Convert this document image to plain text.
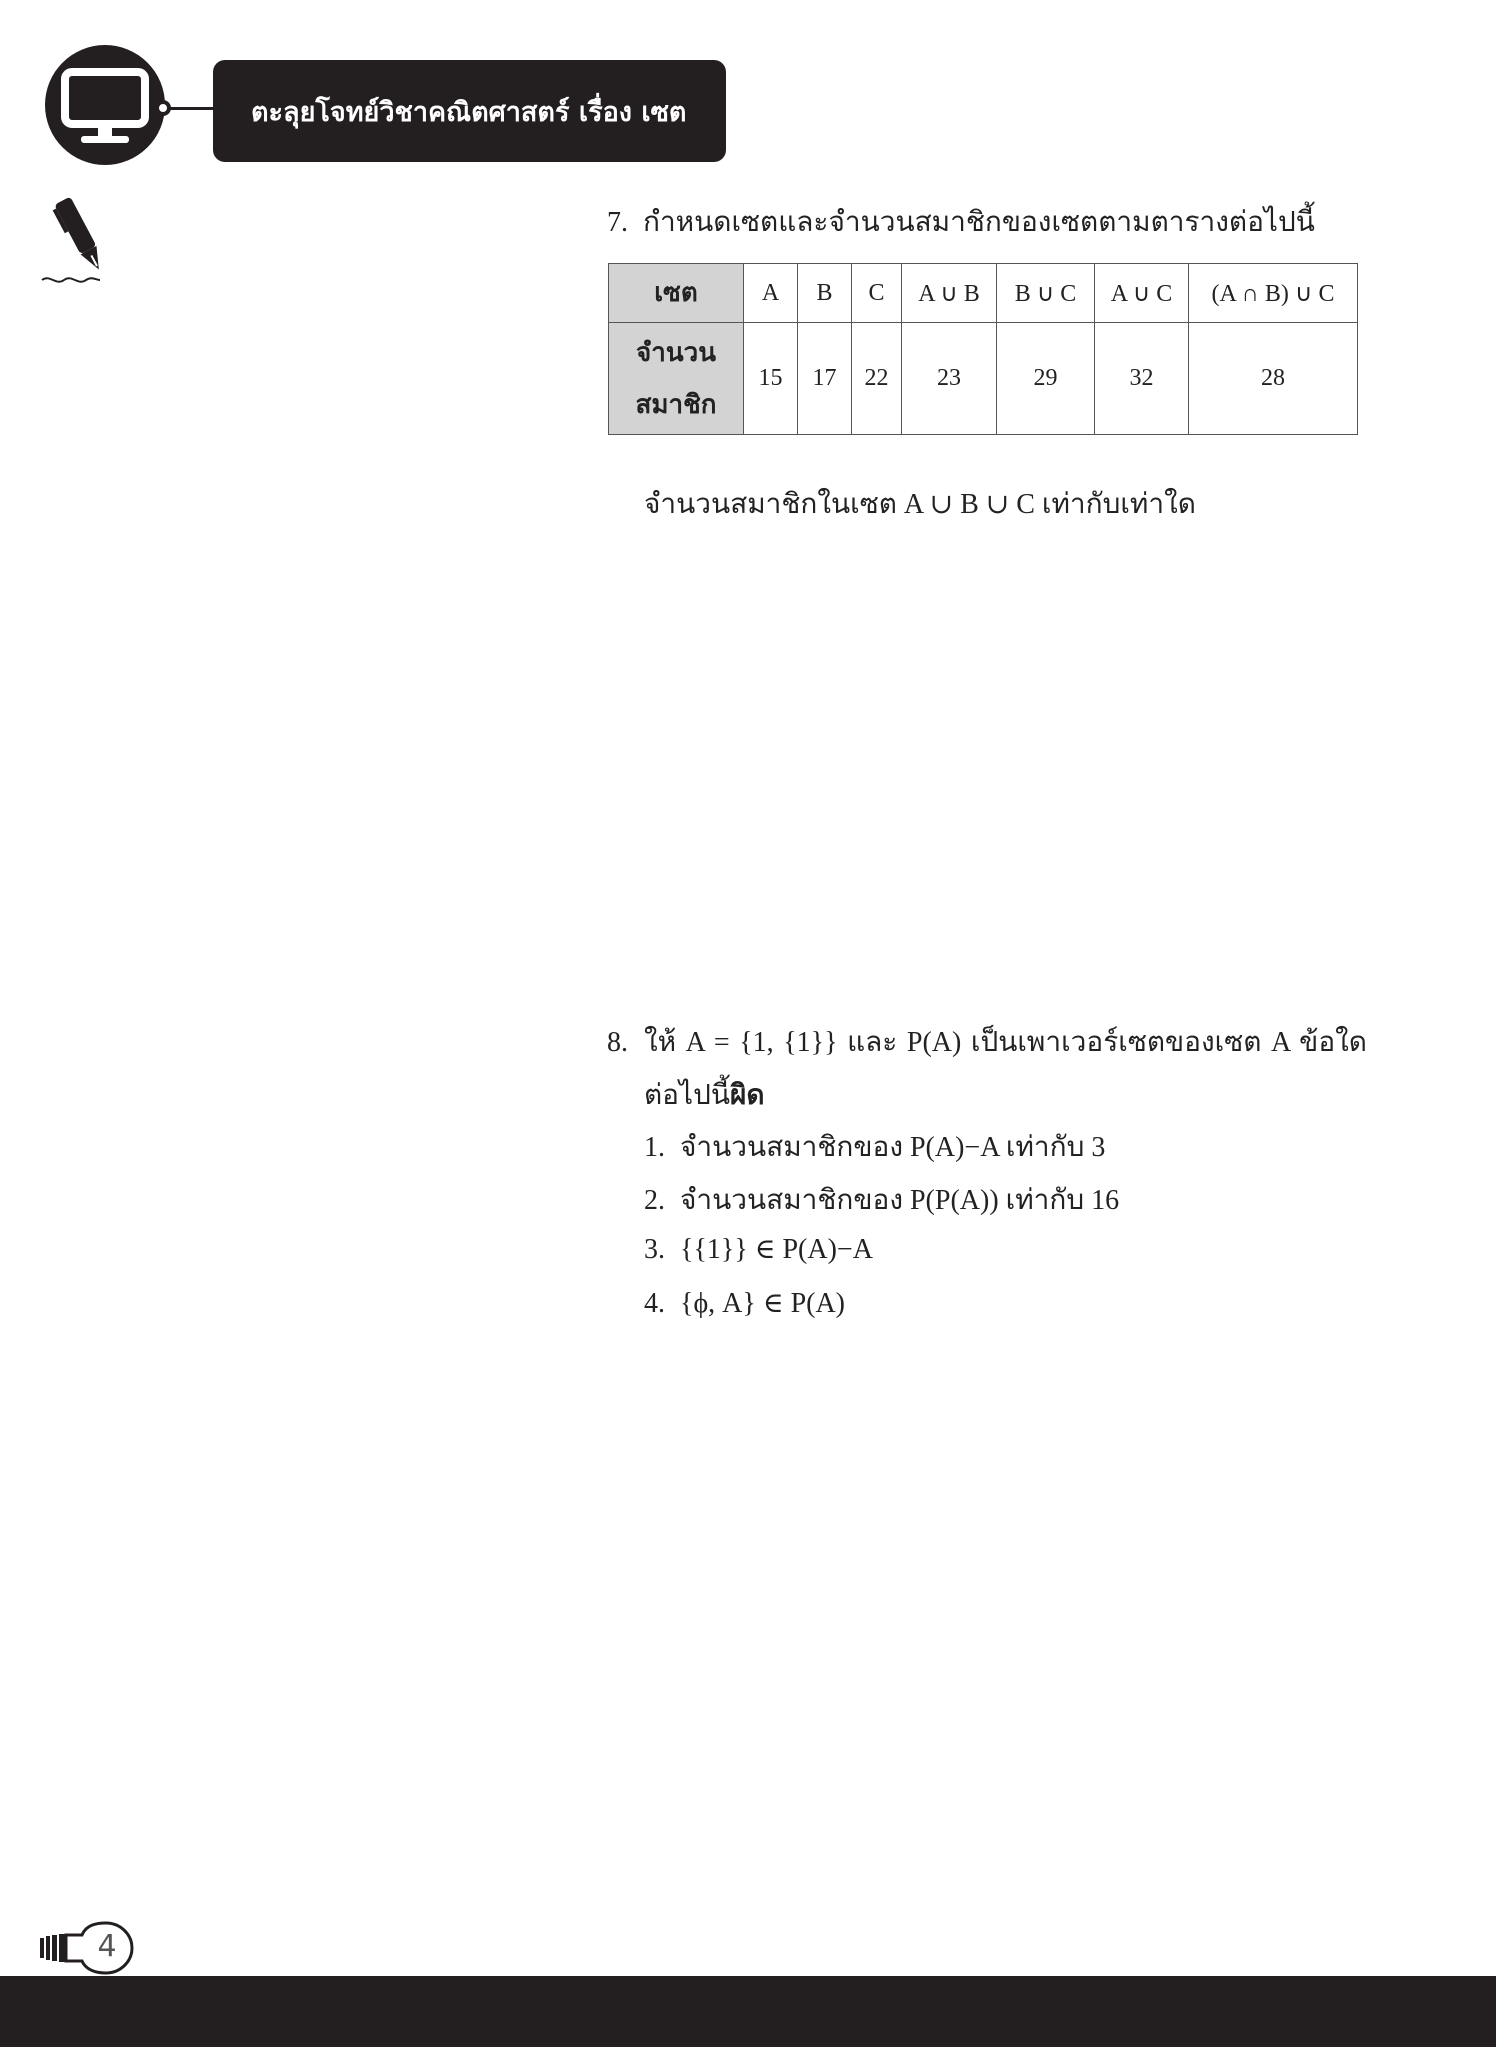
ตะลุยโจทย์วิชาคณิตศาสตร์ เรื่อง เซต
7. กำหนดเซตและจำนวนสมาชิกของเซตตามตารางต่อไปนี้
เซต	A	B	C	A ∪ B	B ∪ C	A ∪ C	(A ∩ B) ∪ C

จำนวน
สมาชิก	15	17	22	23	29	32	28
จำนวนสมาชิกในเซต A ∪ B ∪ C เท่ากับเท่าใด
8. ให้ A = {1, {1}} และ P(A) เป็นเพาเวอร์เซตของเซต A ข้อใดต่อไปนี้ผิด
1. จำนวนสมาชิกของ P(A)−A เท่ากับ 3
2. จำนวนสมาชิกของ P(P(A)) เท่ากับ 16
3. {{1}} ∈ P(A)−A
4. {ϕ, A} ∈ P(A)
4
